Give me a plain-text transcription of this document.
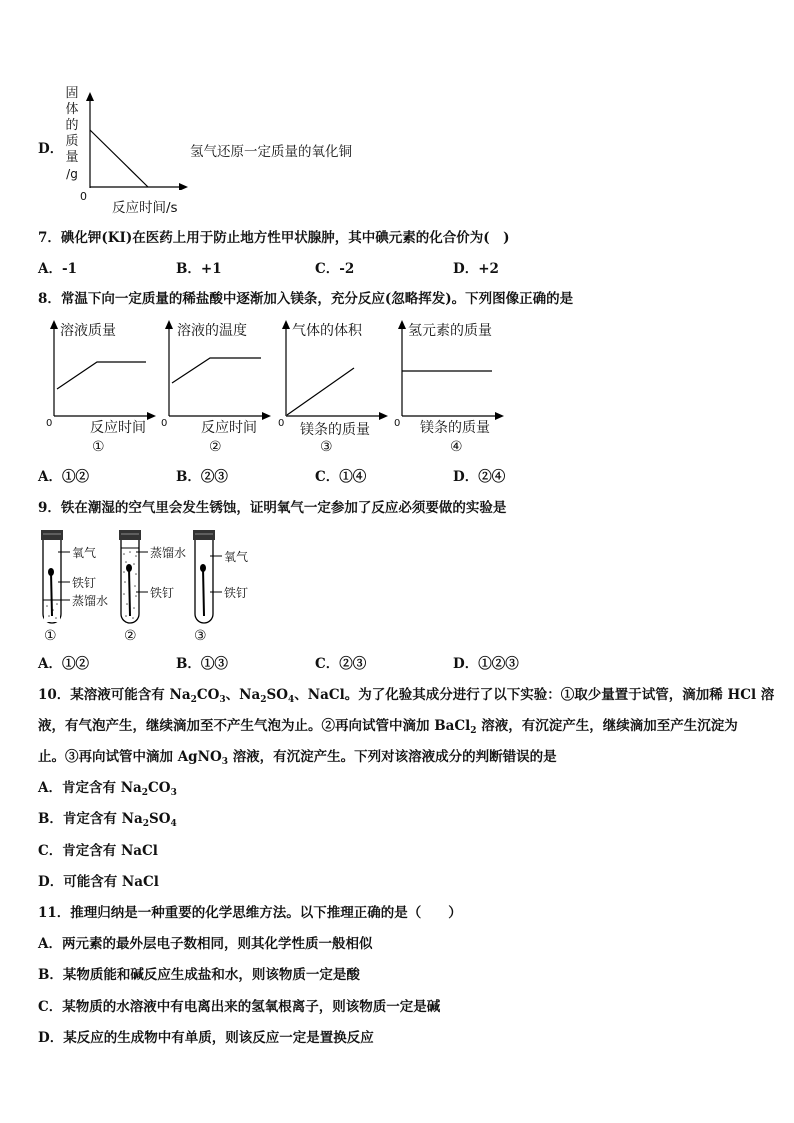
D．
固
体
的
质
量
/g
0
反应时间/s
氢气还原一定质量的氧化铜
7．碘化钾(KI)在医药上用于防止地方性甲状腺肿，其中碘元素的化合价为(　)
A．-1	B．+1	C．-2	D．+2
8．常温下向一定质量的稀盐酸中逐渐加入镁条，充分反应(忽略挥发)。下列图像正确的是
溶液质量
0	反应时间
①
溶液的温度
0 反应时间
②
气体的体积
0 镁条的质量
③
氢元素的质量
0 镁条的质量
④
A．①②	B．②③	C．①④	D．②④
9．铁在潮湿的空气里会发生锈蚀，证明氧气一定参加了反应必须要做的实验是
氧气
铁钉
蒸馏水
①
蒸馏水
铁钉
②
氧气
铁钉
③
A．①②	B．①③	C．②③	D．①②③
10．某溶液可能含有 $Na_2CO_3$、$Na_2SO_4$、NaCl。为了化验其成分进行了以下实验：①取少量置于试管，滴加稀 HCl 溶
液，有气泡产生，继续滴加至不产生气泡为止。②再向试管中滴加 BaCl$_2$ 溶液，有沉淀产生，继续滴加至产生沉淀为
止。③再向试管中滴加 AgNO$_3$ 溶液，有沉淀产生。下列对该溶液成分的判断错误的是
A．肯定含有 $Na_2CO_3$
B．肯定含有 $Na_2SO_4$
C．肯定含有 NaCl
D．可能含有 NaCl
11．推理归纳是一种重要的化学思维方法。以下推理正确的是（　　）
A．两元素的最外层电子数相同，则其化学性质一般相似
B．某物质能和碱反应生成盐和水，则该物质一定是酸
C．某物质的水溶液中有电离出来的氢氧根离子，则该物质一定是碱
D．某反应的生成物中有单质，则该反应一定是置换反应
